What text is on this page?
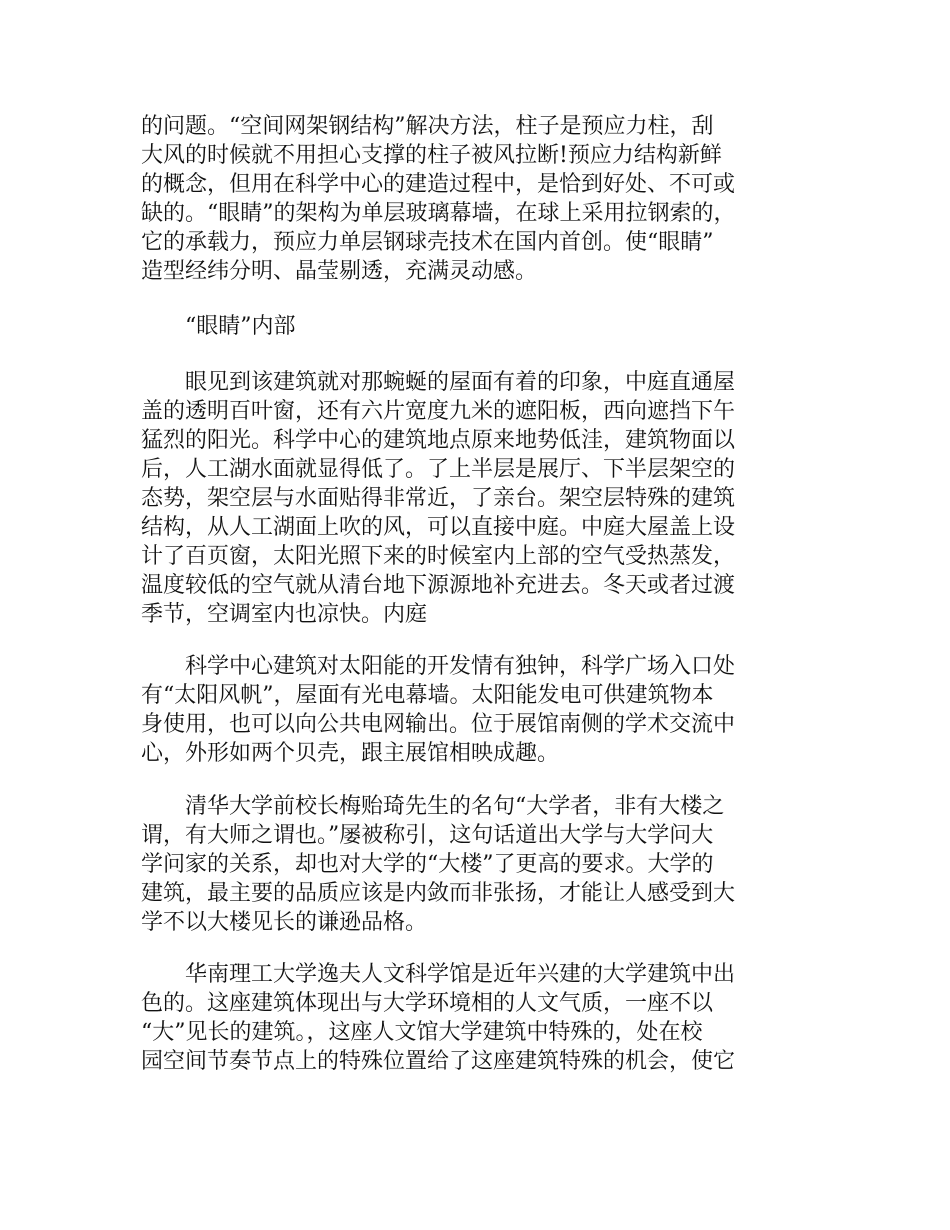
的问题。“空间网架钢结构”解决方法，柱子是预应力柱，刮
大风的时候就不用担心支撑的柱子被风拉断!预应力结构新鲜
的概念，但用在科学中心的建造过程中，是恰到好处、不可或
缺的。“眼睛”的架构为单层玻璃幕墙，在球上采用拉钢索的，
它的承载力，预应力单层钢球壳技术在国内首创。使“眼睛”
造型经纬分明、晶莹剔透，充满灵动感。

　　“眼睛”内部

　　眼见到该建筑就对那蜿蜒的屋面有着的印象，中庭直通屋
盖的透明百叶窗，还有六片宽度九米的遮阳板，西向遮挡下午
猛烈的阳光。科学中心的建筑地点原来地势低洼，建筑物面以
后，人工湖水面就显得低了。了上半层是展厅、下半层架空的
态势，架空层与水面贴得非常近，了亲台。架空层特殊的建筑
结构，从人工湖面上吹的风，可以直接中庭。中庭大屋盖上设
计了百页窗，太阳光照下来的时候室内上部的空气受热蒸发，
温度较低的空气就从清台地下源源地补充进去。冬天或者过渡
季节，空调室内也凉快。内庭

　　科学中心建筑对太阳能的开发情有独钟，科学广场入口处
有“太阳风帆”，屋面有光电幕墙。太阳能发电可供建筑物本
身使用，也可以向公共电网输出。位于展馆南侧的学术交流中
心，外形如两个贝壳，跟主展馆相映成趣。

　　清华大学前校长梅贻琦先生的名句“大学者，非有大楼之
谓，有大师之谓也。”屡被称引，这句话道出大学与大学问大
学问家的关系，却也对大学的“大楼”了更高的要求。大学的
建筑，最主要的品质应该是内敛而非张扬，才能让人感受到大
学不以大楼见长的谦逊品格。

　　华南理工大学逸夫人文科学馆是近年兴建的大学建筑中出
色的。这座建筑体现出与大学环境相的人文气质，一座不以
“大”见长的建筑。，这座人文馆大学建筑中特殊的，处在校
园空间节奏节点上的特殊位置给了这座建筑特殊的机会，使它
